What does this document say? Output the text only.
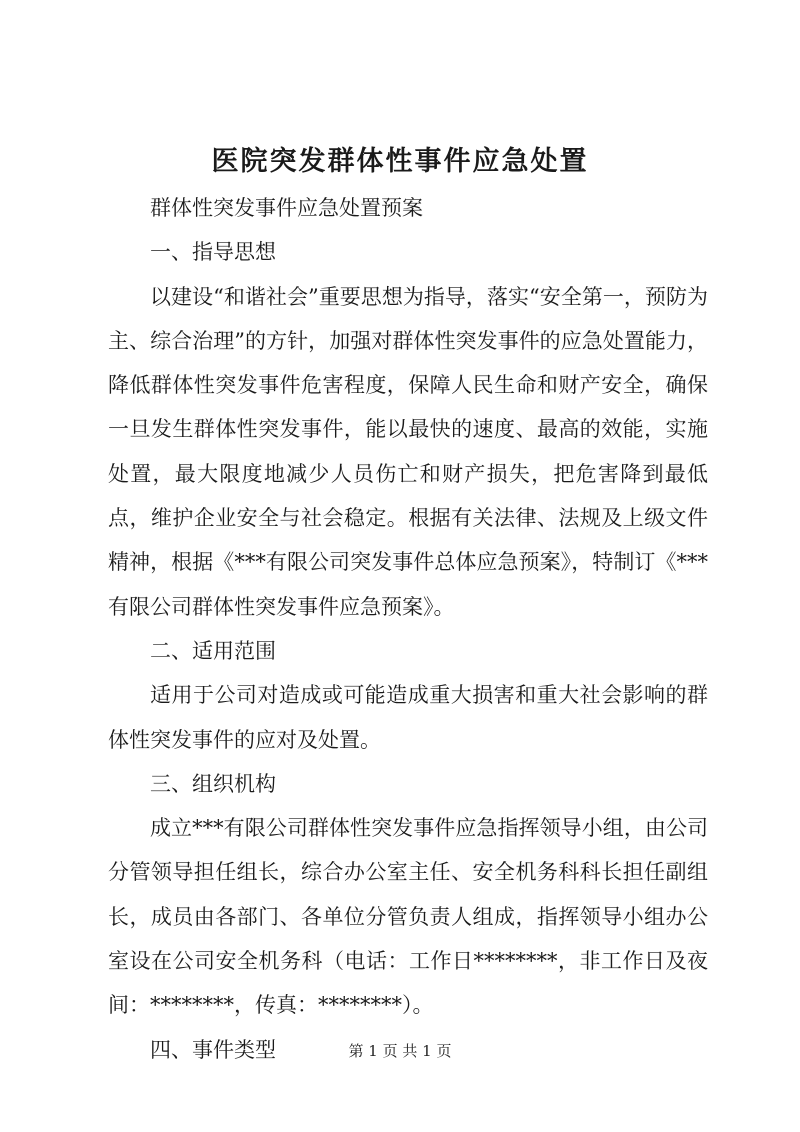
医院突发群体性事件应急处置

群体性突发事件应急处置预案

一、指导思想

以建设“和谐社会”重要思想为指导，落实“安全第一，预防为主、综合治理”的方针，加强对群体性突发事件的应急处置能力，降低群体性突发事件危害程度，保障人民生命和财产安全，确保一旦发生群体性突发事件，能以最快的速度、最高的效能，实施处置，最大限度地减少人员伤亡和财产损失，把危害降到最低点，维护企业安全与社会稳定。根据有关法律、法规及上级文件精神，根据《***有限公司突发事件总体应急预案》，特制订《***有限公司群体性突发事件应急预案》。

二、适用范围

适用于公司对造成或可能造成重大损害和重大社会影响的群体性突发事件的应对及处置。

三、组织机构

成立***有限公司群体性突发事件应急指挥领导小组，由公司分管领导担任组长，综合办公室主任、安全机务科科长担任副组长，成员由各部门、各单位分管负责人组成，指挥领导小组办公室设在公司安全机务科（电话：工作日********，非工作日及夜间：********，传真：********）。

四、事件类型	第 1 页 共 1 页
